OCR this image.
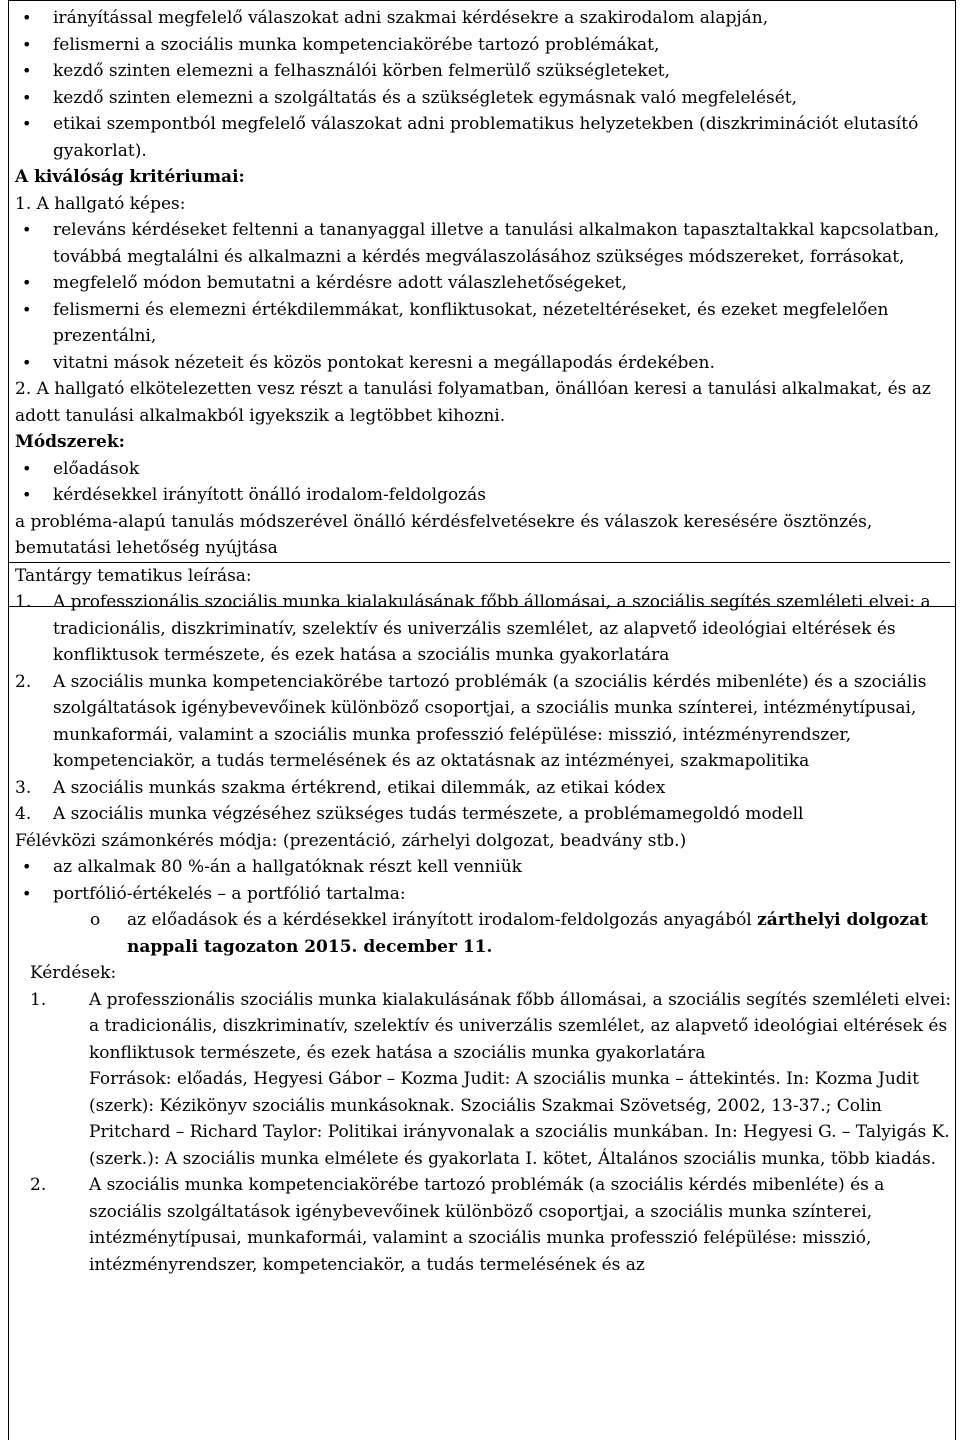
• irányítással megfelelő válaszokat adni szakmai kérdésekre a szakirodalom alapján,
• felismerni a szociális munka kompetenciakörébe tartozó problémákat,
• kezdő szinten elemezni a felhasználói körben felmerülő szükségleteket,
• kezdő szinten elemezni a szolgáltatás és a szükségletek egymásnak való megfelelését,
• etikai szempontból megfelelő válaszokat adni problematikus helyzetekben (diszkriminációt elutasító gyakorlat).
A kiválóság kritériumai:
1. A hallgató képes:
• releváns kérdéseket feltenni a tananyaggal illetve a tanulási alkalmakon tapasztaltakkal kapcsolatban, továbbá megtalálni és alkalmazni a kérdés megválaszolásához szükséges módszereket, forrásokat,
• megfelelő módon bemutatni a kérdésre adott válaszlehetőségeket,
• felismerni és elemezni értékdilemmákat, konfliktusokat, nézeteltéréseket, és ezeket megfelelően prezentálni,
• vitatni mások nézeteit és közös pontokat keresni a megállapodás érdekében.
2. A hallgató elkötelezetten vesz részt a tanulási folyamatban, önállóan keresi a tanulási alkalmakat, és az adott tanulási alkalmakból igyekszik a legtöbbet kihozni.
Módszerek:
• előadások
• kérdésekkel irányított önálló irodalom-feldolgozás
a probléma-alapú tanulás módszerével önálló kérdésfelvetésekre és válaszok keresésére ösztönzés, bemutatási lehetőség nyújtása
Tantárgy tematikus leírása:
1. A professzionális szociális munka kialakulásának főbb állomásai, a szociális segítés szemléleti elvei: a tradicionális, diszkriminatív, szelektív és univerzális szemlélet, az alapvető ideológiai eltérések és konfliktusok természete, és ezek hatása a szociális munka gyakorlatára
2. A szociális munka kompetenciakörébe tartozó problémák (a szociális kérdés mibenléte) és a szociális szolgáltatások igénybevevőinek különböző csoportjai, a szociális munka színterei, intézménytípusai, munkaformái, valamint a szociális munka professzió felépülése: misszió, intézményrendszer, kompetenciakör, a tudás termelésének és az oktatásnak az intézményei, szakmapolitika
3. A szociális munkás szakma értékrend, etikai dilemmák, az etikai kódex
4. A szociális munka végzéséhez szükséges tudás természete, a problémamegoldó modell
Félévközi számonkérés módja: (prezentáció, zárhelyi dolgozat, beadvány stb.)
• az alkalmak 80 %-án a hallgatóknak részt kell venniük
• portfólió-értékelés – a portfólió tartalma:
o az előadások és a kérdésekkel irányított irodalom-feldolgozás anyagából zárthelyi dolgozat nappali tagozaton 2015. december 11.
Kérdések:
1.	A professzionális szociális munka kialakulásának főbb állomásai, a szociális segítés szemléleti elvei: a tradicionális, diszkriminatív, szelektív és univerzális szemlélet, az alapvető ideológiai eltérések és konfliktusok természete, és ezek hatása a szociális munka gyakorlatára
Források: előadás, Hegyesi Gábor – Kozma Judit: A szociális munka – áttekintés. In: Kozma Judit (szerk): Kézikönyv szociális munkásoknak. Szociális Szakmai Szövetség, 2002, 13-37.; Colin Pritchard – Richard Taylor: Politikai irányvonalak a szociális munkában. In: Hegyesi G. – Talyigás K. (szerk.): A szociális munka elmélete és gyakorlata I. kötet, Általános szociális munka, több kiadás.
2.	A szociális munka kompetenciakörébe tartozó problémák (a szociális kérdés mibenléte) és a szociális szolgáltatások igénybevevőinek különböző csoportjai, a szociális munka színterei, intézménytípusai, munkaformái, valamint a szociális munka professzió felépülése: misszió, intézményrendszer, kompetenciakör, a tudás termelésének és az
